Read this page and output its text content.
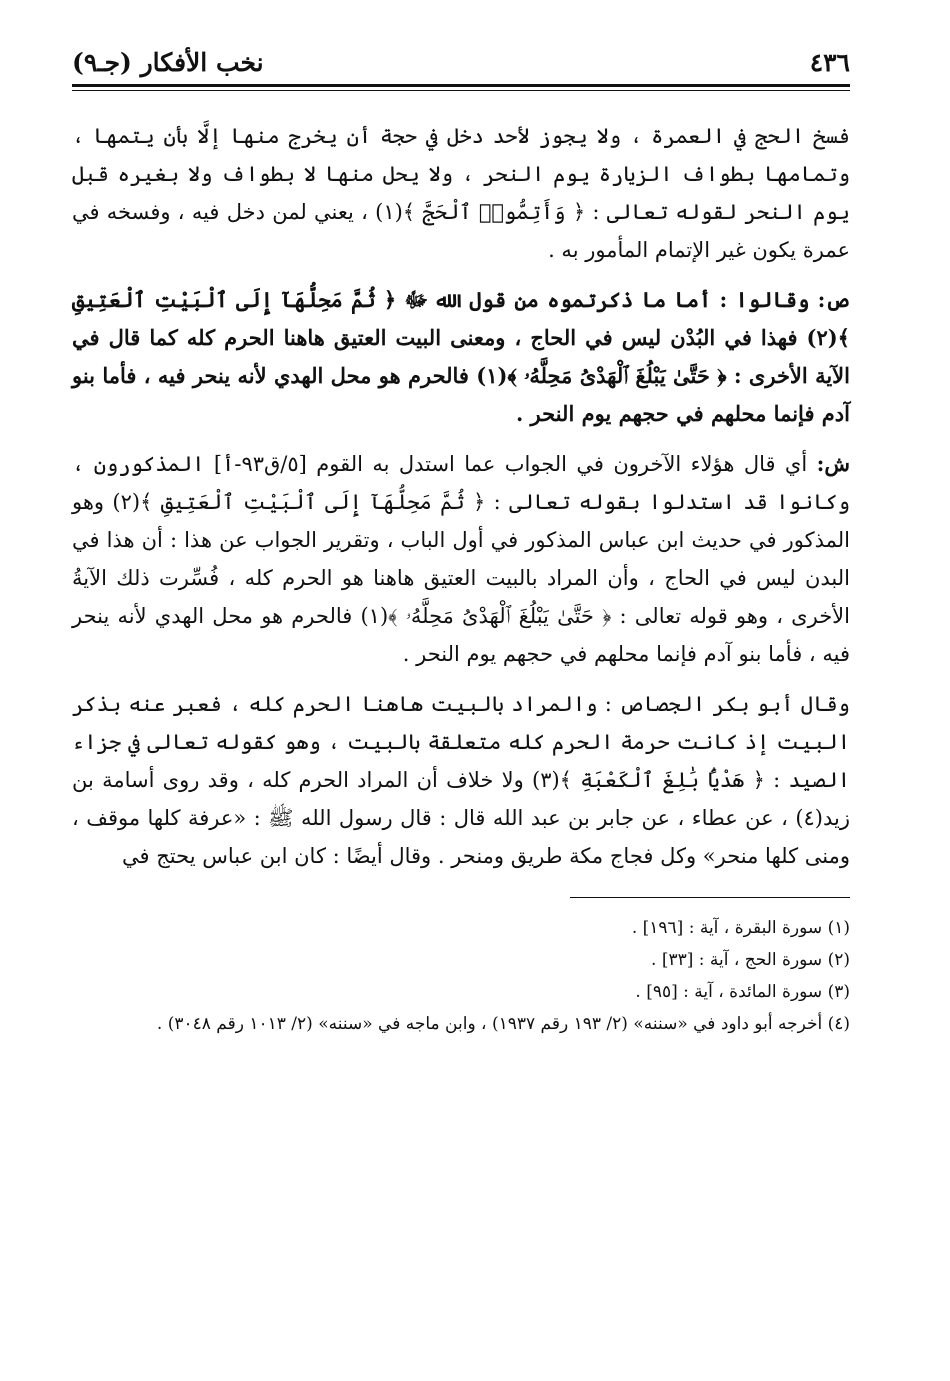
٤٣٦
نخب الأفكار (جـ٩)

فسخ الحج في العمرة ، ولا يجوز لأحد دخل في حجة أن يخرج منها إلَّا بأن يتمها ، وتمامها بطواف الزيارة يوم النحر ، ولا يحل منها لا بطواف ولا بغيره قبل يوم النحر لقوله تعالى : ﴿ وَأَتِمُّوا۟ ٱلْحَجَّ ﴾(١) ، يعني لمن دخل فيه ، وفسخه في عمرة يكون غير الإتمام المأمور به .

ص: وقالوا : أما ما ذكرتموه من قول الله ﷻ ﴿ ثُمَّ مَحِلُّهَآ إِلَى ٱلْبَيْتِ ٱلْعَتِيقِ ﴾(٢) فهذا في البُدْن ليس في الحاج ، ومعنى البيت العتيق هاهنا الحرم كله كما قال في الآية الأخرى : ﴿ حَتَّىٰ يَبْلُغَ ٱلْهَدْىُ مَحِلَّهُۥ ﴾(١) فالحرم هو محل الهدي لأنه ينحر فيه ، فأما بنو آدم فإنما محلهم في حجهم يوم النحر .

ش: أي قال هؤلاء الآخرون في الجواب عما استدل به القوم [٥/ق٩٣-أ] المذكورون ، وكانوا قد استدلوا بقوله تعالى : ﴿ ثُمَّ مَحِلُّهَآ إِلَى ٱلْبَيْتِ ٱلْعَتِيقِ ﴾(٢) وهو المذكور في حديث ابن عباس المذكور في أول الباب ، وتقرير الجواب عن هذا : أن هذا في البدن ليس في الحاج ، وأن المراد بالبيت العتيق هاهنا هو الحرم كله ، فُسِّرت ذلك الآيةُ الأخرى ، وهو قوله تعالى : ﴿ حَتَّىٰ يَبْلُغَ ٱلْهَدْىُ مَحِلَّهُۥ ﴾(١) فالحرم هو محل الهدي لأنه ينحر فيه ، فأما بنو آدم فإنما محلهم في حجهم يوم النحر .

وقال أبو بكر الجصاص : والمراد بالبيت هاهنا الحرم كله ، فعبر عنه بذكر البيت إذ كانت حرمة الحرم كله متعلقة بالبيت ، وهو كقوله تعالى في جزاء الصيد : ﴿ هَدْيًۢا بَٰلِغَ ٱلْكَعْبَةِ ﴾(٣) ولا خلاف أن المراد الحرم كله ، وقد روى أسامة بن زيد(٤) ، عن عطاء ، عن جابر بن عبد الله قال : قال رسول الله ﷺ : «عرفة كلها موقف ، ومنى كلها منحر» وكل فجاج مكة طريق ومنحر . وقال أيضًا : كان ابن عباس يحتج في

(١) سورة البقرة ، آية : [١٩٦] .

(٢) سورة الحج ، آية : [٣٣] .

(٣) سورة المائدة ، آية : [٩٥] .

(٤) أخرجه أبو داود في «سننه» (٢/ ١٩٣ رقم ١٩٣٧) ، وابن ماجه في «سننه» (٢/ ١٠١٣ رقم ٣٠٤٨) .
